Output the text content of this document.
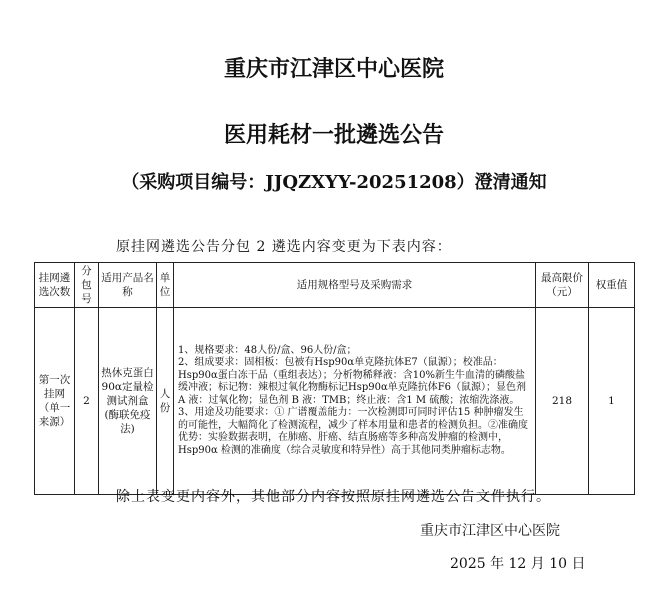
重庆市江津区中心医院
医用耗材一批遴选公告
（采购项目编号：JJQZXYY-20251208）澄清通知
原挂网遴选公告分包 2 遴选内容变更为下表内容：
挂网遴选次数	分包号	适用产品名称	单位	适用规格型号及采购需求	最高限价（元）	权重值
第一次挂网（单一来源）	2	热休克蛋白90α定量检测试剂盒(酶联免疫法)	人份	1、规格要求：48人份/盒、96人份/盒；
2、组成要求：固相板：包被有Hsp90α单克隆抗体E7（鼠源）；校准品：Hsp90α蛋白冻干品（重组表达）；分析物稀释液：含10%新生牛血清的磷酸盐缓冲液；标记物：辣根过氧化物酶标记Hsp90α单克隆抗体F6（鼠源）；显色剂 A 液：过氧化物；显色剂 B 液：TMB；终止液：含1 M 硫酸；浓缩洗涤液。
3、用途及功能要求：① 广谱覆盖能力：一次检测即可同时评估15 种肿瘤发生的可能性，大幅简化了检测流程，减少了样本用量和患者的检测负担。②准确度优势：实验数据表明，在肺癌、肝癌、结直肠癌等多种高发肿瘤的检测中，Hsp90α 检测的准确度（综合灵敏度和特异性）高于其他同类肿瘤标志物。	218	1
除上表变更内容外，其他部分内容按照原挂网遴选公告文件执行。
重庆市江津区中心医院
2025 年 12 月 10 日
